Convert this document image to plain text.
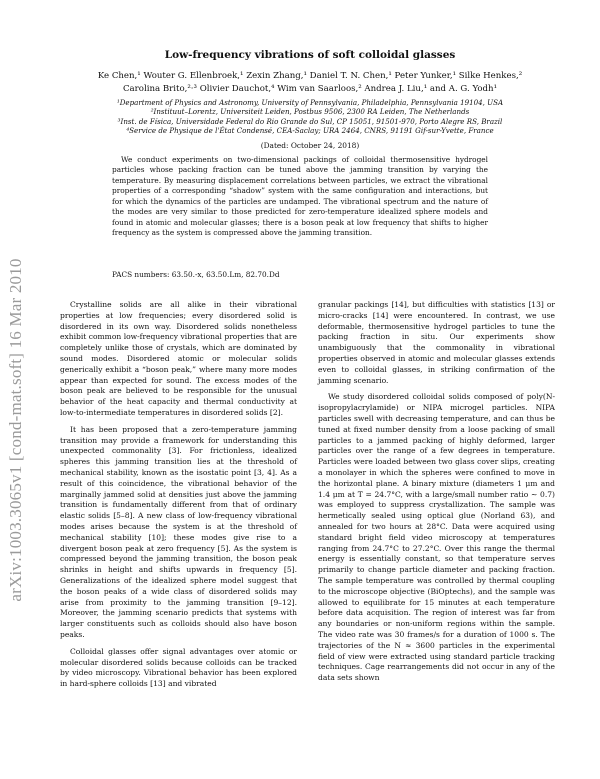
arXiv:1003.3065v1 [cond-mat.soft] 16 Mar 2010
Low-frequency vibrations of soft colloidal glasses
Ke Chen,¹ Wouter G. Ellenbroek,¹ Zexin Zhang,¹ Daniel T. N. Chen,¹ Peter Yunker,¹ Silke Henkes,²
Carolina Brito,²·³ Olivier Dauchot,⁴ Wim van Saarloos,² Andrea J. Liu,¹ and A. G. Yodh¹
¹Department of Physics and Astronomy, University of Pennsylvania, Philadelphia, Pennsylvania 19104, USA
²Instituut–Lorentz, Universiteit Leiden, Postbus 9506, 2300 RA Leiden, The Netherlands
³Inst. de Física, Universidade Federal do Rio Grande do Sul, CP 15051, 91501-970, Porto Alegre RS, Brazil
⁴Service de Physique de l'État Condensé, CEA-Saclay; URA 2464, CNRS, 91191 Gif-sur-Yvette, France
(Dated: October 24, 2018)

We conduct experiments on two-dimensional packings of colloidal thermosensitive hydrogel particles whose packing fraction can be tuned above the jamming transition by varying the temperature. By measuring displacement correlations between particles, we extract the vibrational properties of a corresponding “shadow” system with the same configuration and interactions, but for which the dynamics of the particles are undamped. The vibrational spectrum and the nature of the modes are very similar to those predicted for zero-temperature idealized sphere models and found in atomic and molecular glasses; there is a boson peak at low frequency that shifts to higher frequency as the system is compressed above the jamming transition.

PACS numbers: 63.50.-x, 63.50.Lm, 82.70.Dd

Crystalline solids are all alike in their vibrational properties at low frequencies; every disordered solid is disordered in its own way. Disordered solids nonetheless exhibit common low-frequency vibrational properties that are completely unlike those of crystals, which are dominated by sound modes. Disordered atomic or molecular solids generically exhibit a “boson peak,” where many more modes appear than expected for sound. The excess modes of the boson peak are believed to be responsible for the unusual behavior of the heat capacity and thermal conductivity at low-to-intermediate temperatures in disordered solids [2].

It has been proposed that a zero-temperature jamming transition may provide a framework for understanding this unexpected commonality [3]. For frictionless, idealized spheres this jamming transition lies at the threshold of mechanical stability, known as the isostatic point [3, 4]. As a result of this coincidence, the vibrational behavior of the marginally jammed solid at densities just above the jamming transition is fundamentally different from that of ordinary elastic solids [5–8]. A new class of low-frequency vibrational modes arises because the system is at the threshold of mechanical stability [10]; these modes give rise to a divergent boson peak at zero frequency [5]. As the system is compressed beyond the jamming transition, the boson peak shrinks in height and shifts upwards in frequency [5]. Generalizations of the idealized sphere model suggest that the boson peaks of a wide class of disordered solids may arise from proximity to the jamming transition [9–12]. Moreover, the jamming scenario predicts that systems with larger constituents such as colloids should also have boson peaks.

Colloidal glasses offer signal advantages over atomic or molecular disordered solids because colloids can be tracked by video microscopy. Vibrational behavior has been explored in hard-sphere colloids [13] and vibrated

granular packings [14], but difficulties with statistics [13] or micro-cracks [14] were encountered. In contrast, we use deformable, thermosensitive hydrogel particles to tune the packing fraction in situ. Our experiments show unambiguously that the commonality in vibrational properties observed in atomic and molecular glasses extends even to colloidal glasses, in striking confirmation of the jamming scenario.

We study disordered colloidal solids composed of poly(N-isopropylacrylamide) or NIPA microgel particles. NIPA particles swell with decreasing temperature, and can thus be tuned at fixed number density from a loose packing of small particles to a jammed packing of highly deformed, larger particles over the range of a few degrees in temperature. Particles were loaded between two glass cover slips, creating a monolayer in which the spheres were confined to move in the horizontal plane. A binary mixture (diameters 1 μm and 1.4 μm at T = 24.7°C, with a large/small number ratio ∼ 0.7) was employed to suppress crystallization. The sample was hermetically sealed using optical glue (Norland 63), and annealed for two hours at 28°C. Data were acquired using standard bright field video microscopy at temperatures ranging from 24.7°C to 27.2°C. Over this range the thermal energy is essentially constant, so that temperature serves primarily to change particle diameter and packing fraction. The sample temperature was controlled by thermal coupling to the microscope objective (BiOptechs), and the sample was allowed to equilibrate for 15 minutes at each temperature before data acquisition. The region of interest was far from any boundaries or non-uniform regions within the sample. The video rate was 30 frames/s for a duration of 1000 s. The trajectories of the N ≈ 3600 particles in the experimental field of view were extracted using standard particle tracking techniques. Cage rearrangements did not occur in any of the data sets shown
